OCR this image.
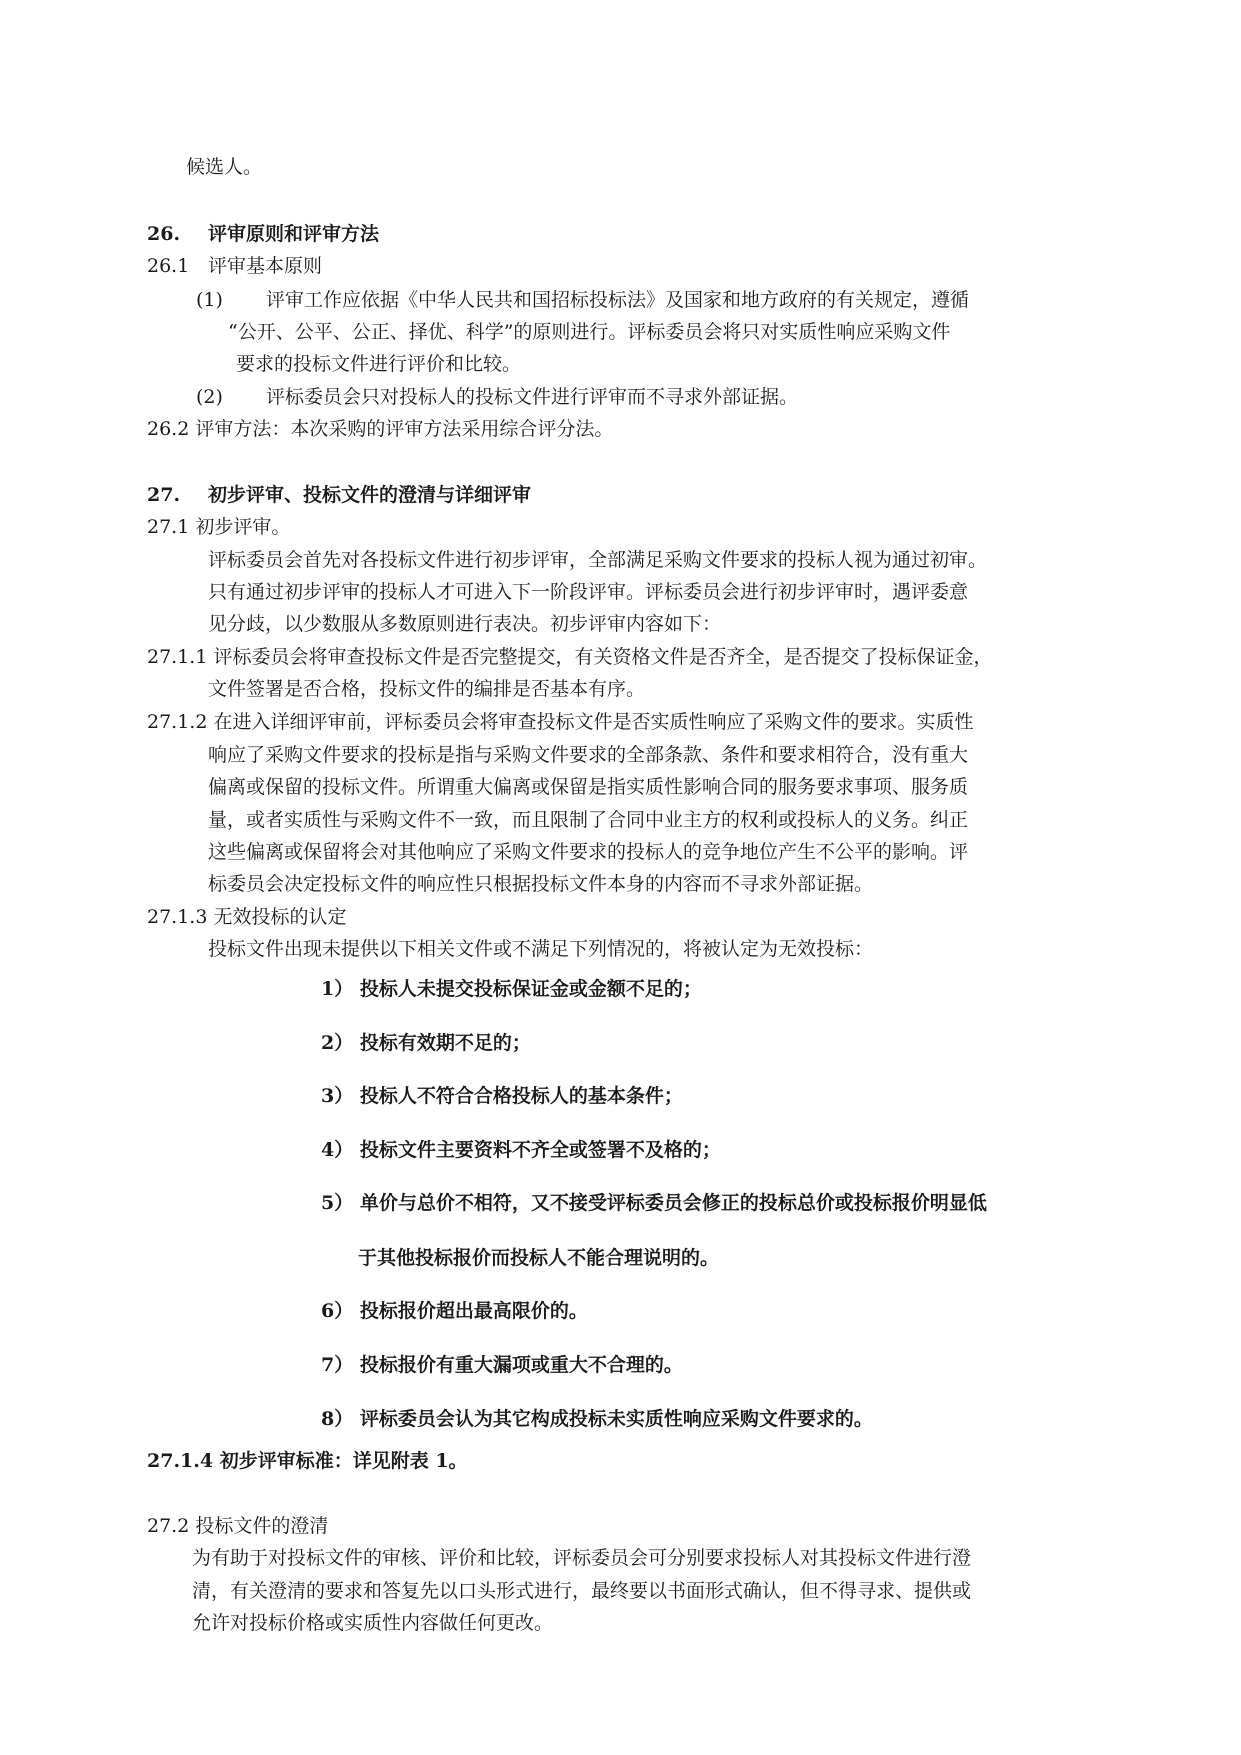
候选人。
26. 评审原则和评审方法
26.1 评审基本原则
(1) 评审工作应依据《中华人民共和国招标投标法》及国家和地方政府的有关规定，遵循
“公开、公平、公正、择优、科学”的原则进行。评标委员会将只对实质性响应采购文件
要求的投标文件进行评价和比较。
(2) 评标委员会只对投标人的投标文件进行评审而不寻求外部证据。
26.2 评审方法：本次采购的评审方法采用综合评分法。
27. 初步评审、投标文件的澄清与详细评审
27.1 初步评审。
评标委员会首先对各投标文件进行初步评审，全部满足采购文件要求的投标人视为通过初审。
只有通过初步评审的投标人才可进入下一阶段评审。评标委员会进行初步评审时，遇评委意
见分歧，以少数服从多数原则进行表决。初步评审内容如下：
27.1.1 评标委员会将审查投标文件是否完整提交，有关资格文件是否齐全，是否提交了投标保证金，
文件签署是否合格，投标文件的编排是否基本有序。
27.1.2 在进入详细评审前，评标委员会将审查投标文件是否实质性响应了采购文件的要求。实质性
响应了采购文件要求的投标是指与采购文件要求的全部条款、条件和要求相符合，没有重大
偏离或保留的投标文件。所谓重大偏离或保留是指实质性影响合同的服务要求事项、服务质
量，或者实质性与采购文件不一致，而且限制了合同中业主方的权利或投标人的义务。纠正
这些偏离或保留将会对其他响应了采购文件要求的投标人的竞争地位产生不公平的影响。评
标委员会决定投标文件的响应性只根据投标文件本身的内容而不寻求外部证据。
27.1.3 无效投标的认定
投标文件出现未提供以下相关文件或不满足下列情况的，将被认定为无效投标：
1） 投标人未提交投标保证金或金额不足的；
2） 投标有效期不足的；
3） 投标人不符合合格投标人的基本条件；
4） 投标文件主要资料不齐全或签署不及格的；
5） 单价与总价不相符，又不接受评标委员会修正的投标总价或投标报价明显低
于其他投标报价而投标人不能合理说明的。
6） 投标报价超出最高限价的。
7） 投标报价有重大漏项或重大不合理的。
8） 评标委员会认为其它构成投标未实质性响应采购文件要求的。
27.1.4 初步评审标准：详见附表 1。
27.2 投标文件的澄清
为有助于对投标文件的审核、评价和比较，评标委员会可分别要求投标人对其投标文件进行澄
清，有关澄清的要求和答复先以口头形式进行，最终要以书面形式确认，但不得寻求、提供或
允许对投标价格或实质性内容做任何更改。
